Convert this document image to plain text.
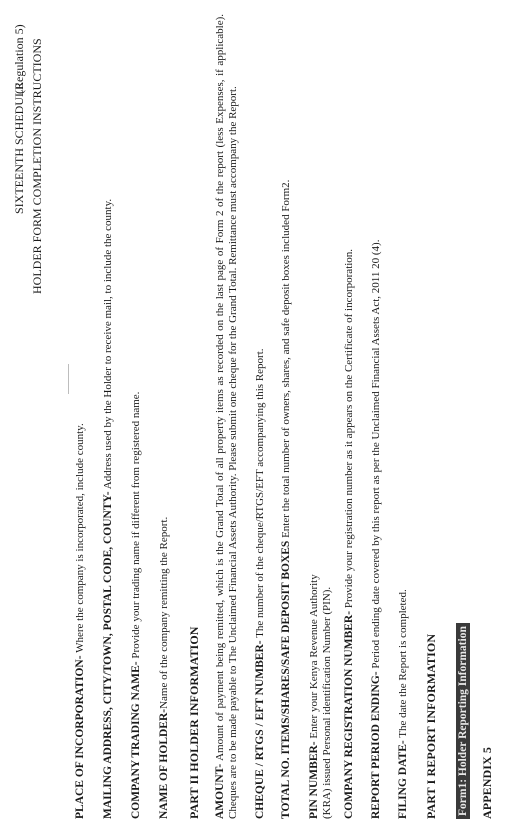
SIXTEENTH SCHEDULE
(Regulation 5) HOLDER FORM COMPLETION INSTRUCTIONS
APPENDIX 5
Form1: Holder Reporting Information
PART I REPORT INFORMATION
FILING DATE- The date the Report is completed.
REPORT PERIOD ENDING- Period ending date covered by this report as per the Unclaimed Financial Assets Act, 2011 20 (4).
COMPANY REGISTRATION NUMBER- Provide your registration number as it appears on the Certificate of incorporation.
PIN NUMBER- Enter your Kenya Revenue Authority (KRA) issued Personal identification Number (PIN).
TOTAL NO. ITEMS/SHARES/SAFE DEPOSIT BOXES Enter the total number of owners, shares, and safe deposit boxes included Form2.
CHEQUE / RTGS / EFT NUMBER- The number of the cheque/RTGS/EFT accompanying this Report.
AMOUNT- Amount of payment being remitted, which is the Grand Total of all property items as recorded on the last page of Form 2 of the report (less Expenses, if applicable). Cheques are to be made payable to The Unclaimed Financial Assets Authority. Please submit one cheque for the Grand Total. Remittance must accompany the Report.
PART II HOLDER INFORMATION
NAME OF HOLDER-Name of the company remitting the Report.
COMPANY TRADING NAME- Provide your trading name if different from registered name.
MAILING ADDRESS, CITY/TOWN, POSTAL CODE, COUNTY- Address used by the Holder to receive mail, to include the county.
PLACE OF INCORPORATION- Where the company is incorporated, include county.
